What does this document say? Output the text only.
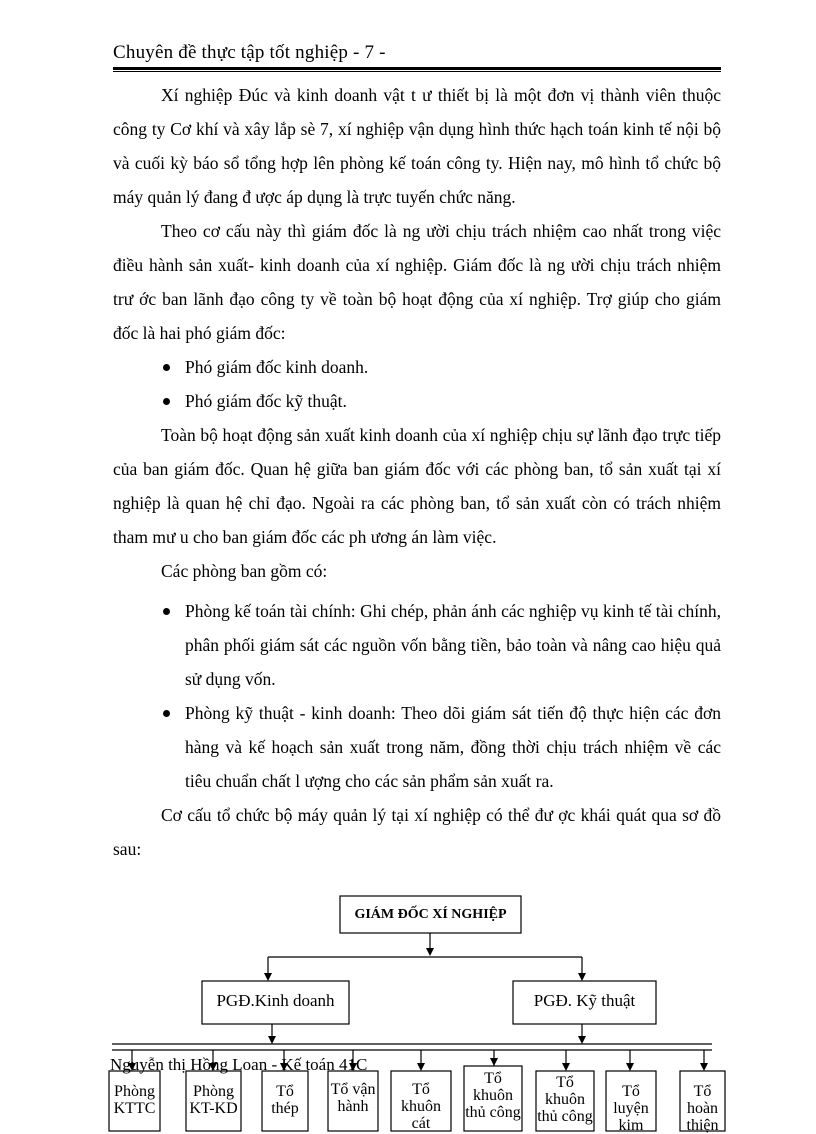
Chuyên đề thực tập tốt nghiệp - 7 -

Xí nghiệp Đúc và kinh doanh vật t ư thiết bị là một đơn vị thành viên thuộc công ty Cơ khí và xây lắp sè 7, xí nghiệp vận dụng hình thức hạch toán kinh tế nội bộ và cuối kỳ báo sổ tổng hợp lên phòng kế toán công ty. Hiện nay, mô hình tổ chức bộ máy quản lý đang đ ược áp dụng là trực tuyến chức năng.

Theo cơ cấu này thì giám đốc là ng ười chịu trách nhiệm cao nhất trong việc điều hành sản xuất- kinh doanh của xí nghiệp. Giám đốc là ng ười chịu trách nhiệm trư ớc ban lãnh đạo công ty về toàn bộ hoạt động của xí nghiệp. Trợ giúp cho giám đốc là hai phó giám đốc:

Phó giám đốc kinh doanh.
Phó giám đốc kỹ thuật.

Toàn bộ hoạt động sản xuất kinh doanh của xí nghiệp chịu sự lãnh đạo trực tiếp của ban giám đốc. Quan hệ giữa ban giám đốc với các phòng ban, tổ sản xuất tại xí nghiệp là quan hệ chỉ đạo. Ngoài ra các phòng ban, tổ sản xuất còn có trách nhiệm tham mư u cho ban giám đốc các ph ương án làm việc.

Các phòng ban gồm có:

Phòng kế toán tài chính: Ghi chép, phản ánh các nghiệp vụ kinh tế tài chính, phân phối giám sát các nguồn vốn bằng tiền, bảo toàn và nâng cao hiệu quả sử dụng vốn.
Phòng kỹ thuật - kinh doanh: Theo dõi giám sát tiến độ thực hiện các đơn hàng và kế hoạch sản xuất trong năm, đồng thời chịu trách nhiệm về các tiêu chuẩn chất l ượng cho các sản phẩm sản xuất ra.

Cơ cấu tổ chức bộ máy quản lý tại xí nghiệp có thể đư ợc khái quát qua sơ đồ sau:

GIÁM ĐỐC XÍ NGHIỆP
PGĐ.Kinh doanh	PGĐ. Kỹ thuật
Nguyễn thị Hồng Loan - Kế toán 41C
Phòng KTTC
Phòng KT-KD
Tổ thép
Tổ vận hành
Tổ khuôn cát
Tổ khuôn thủ công
Tổ khuôn thủ công
Tổ luyện kim
Tổ hoàn thiện
